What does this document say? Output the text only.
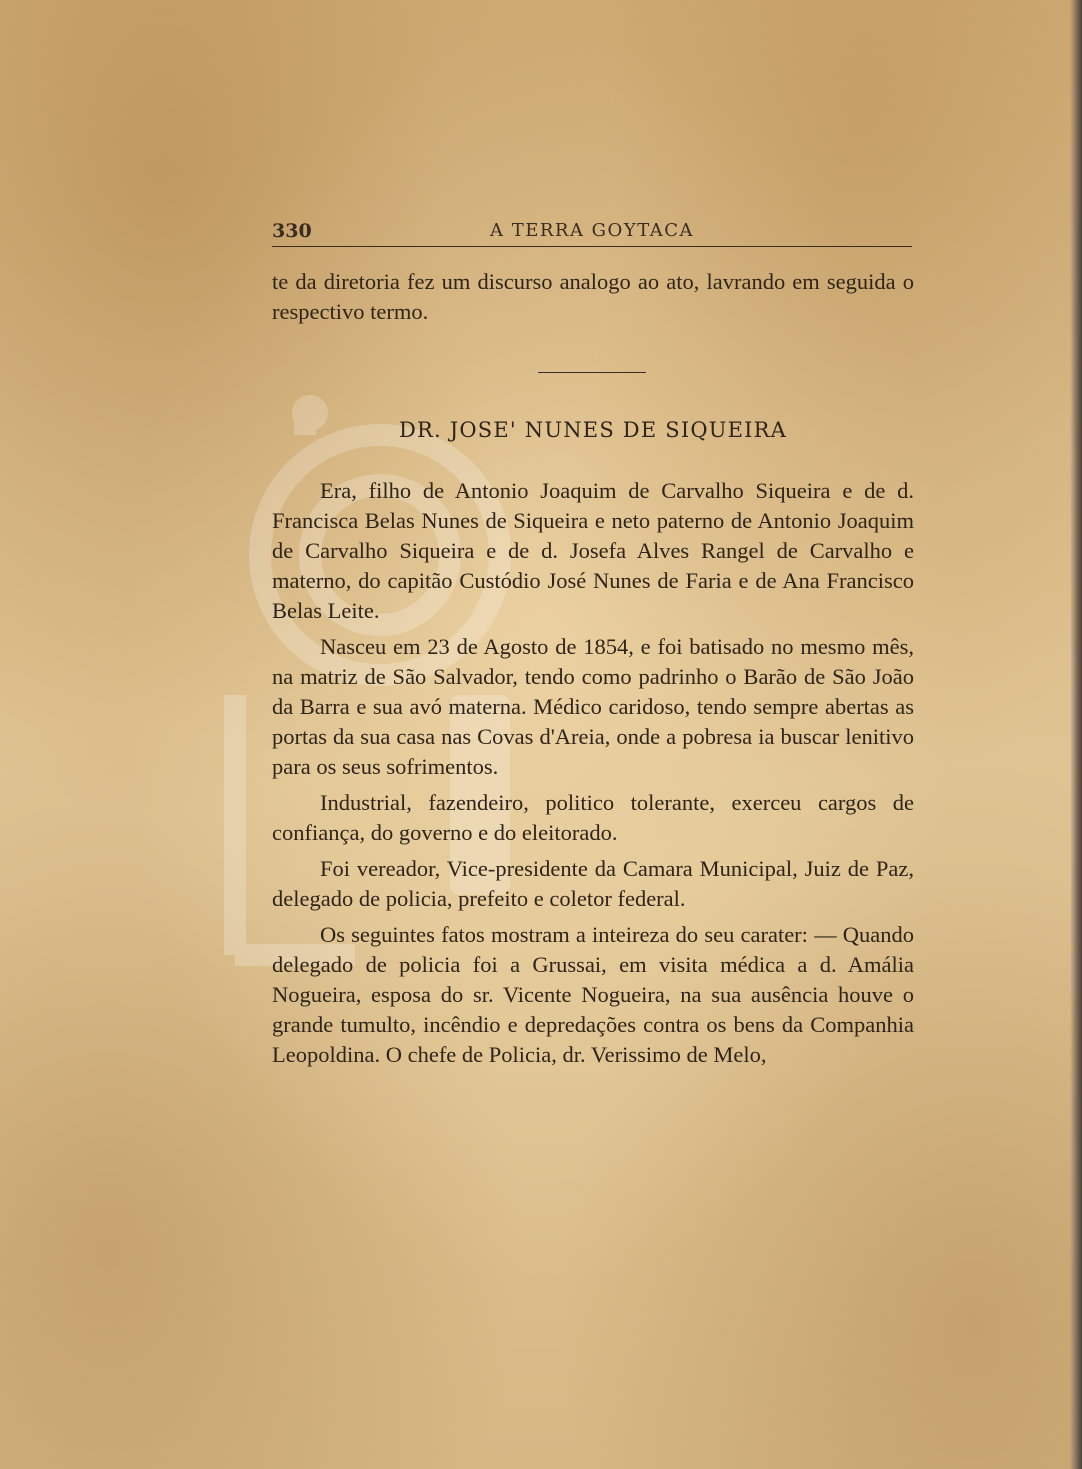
330	A TERRA GOYTACA

te da diretoria fez um discurso analogo ao ato, lavrando em seguida o respectivo termo.

DR. JOSE' NUNES DE SIQUEIRA

Era, filho de Antonio Joaquim de Carvalho Siqueira e de d. Francisca Belas Nunes de Siqueira e neto paterno de Antonio Joaquim de Carvalho Siqueira e de d. Josefa Alves Rangel de Carvalho e materno, do capitão Custódio José Nunes de Faria e de Ana Francisco Belas Leite.

Nasceu em 23 de Agosto de 1854, e foi batisado no mesmo mês, na matriz de São Salvador, tendo como padrinho o Barão de São João da Barra e sua avó materna. Médico caridoso, tendo sempre abertas as portas da sua casa nas Covas d'Areia, onde a pobresa ia buscar lenitivo para os seus sofrimentos.

Industrial, fazendeiro, politico tolerante, exerceu cargos de confiança, do governo e do eleitorado.

Foi vereador, Vice-presidente da Camara Municipal, Juiz de Paz, delegado de policia, prefeito e coletor federal.

Os seguintes fatos mostram a inteireza do seu carater: — Quando delegado de policia foi a Grussai, em visita médica a d. Amália Nogueira, esposa do sr. Vicente Nogueira, na sua ausência houve o grande tumulto, incêndio e depredações contra os bens da Companhia Leopoldina. O chefe de Policia, dr. Verissimo de Melo,
